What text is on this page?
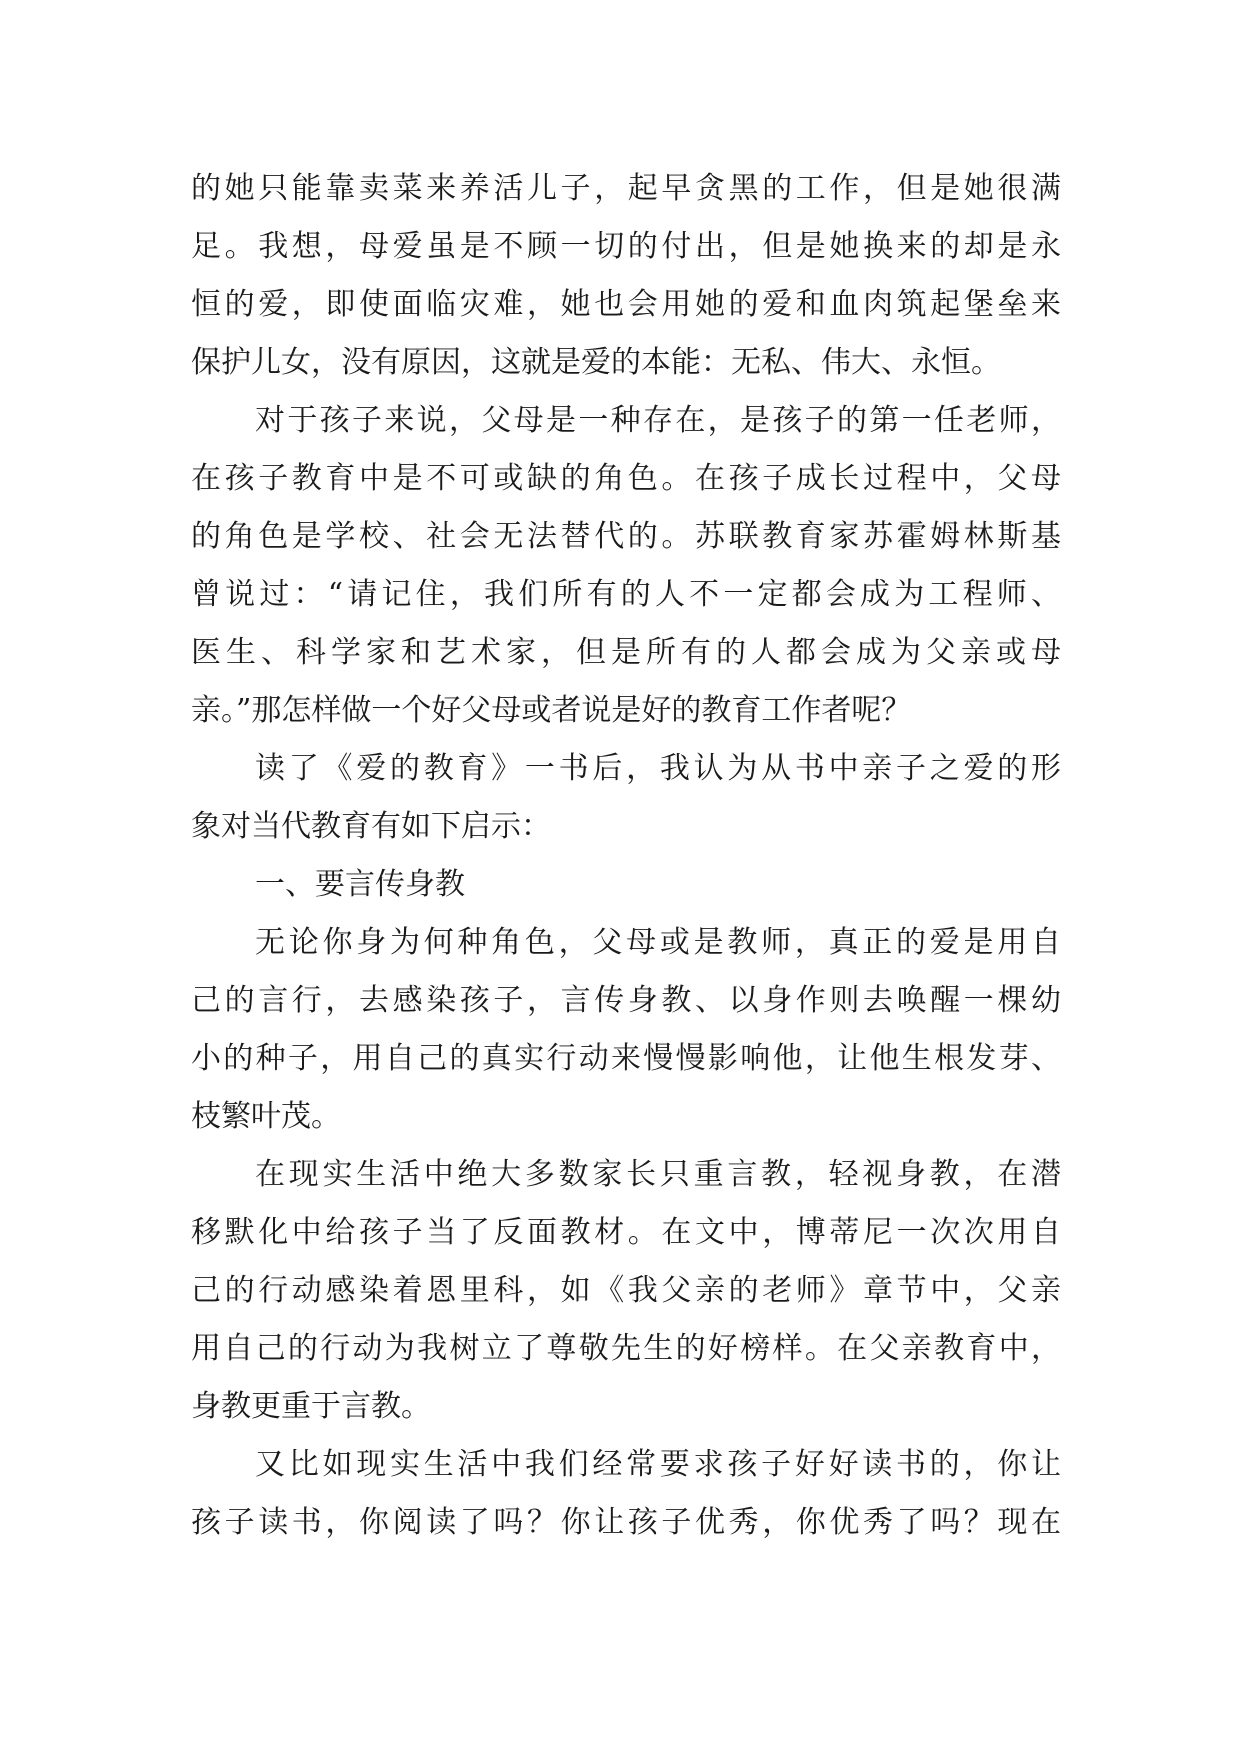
的她只能靠卖菜来养活儿子，起早贪黑的工作，但是她很满
足。我想，母爱虽是不顾一切的付出，但是她换来的却是永
恒的爱，即使面临灾难，她也会用她的爱和血肉筑起堡垒来
保护儿女，没有原因，这就是爱的本能：无私、伟大、永恒。
对于孩子来说，父母是一种存在，是孩子的第一任老师，
在孩子教育中是不可或缺的角色。在孩子成长过程中，父母
的角色是学校、社会无法替代的。苏联教育家苏霍姆林斯基
曾说过：“请记住，我们所有的人不一定都会成为工程师、
医生、科学家和艺术家，但是所有的人都会成为父亲或母
亲。”那怎样做一个好父母或者说是好的教育工作者呢？
读了《爱的教育》一书后，我认为从书中亲子之爱的形
象对当代教育有如下启示：
一、要言传身教
无论你身为何种角色，父母或是教师，真正的爱是用自
己的言行，去感染孩子，言传身教、以身作则去唤醒一棵幼
小的种子，用自己的真实行动来慢慢影响他，让他生根发芽、
枝繁叶茂。
在现实生活中绝大多数家长只重言教，轻视身教，在潜
移默化中给孩子当了反面教材。在文中，博蒂尼一次次用自
己的行动感染着恩里科，如《我父亲的老师》章节中，父亲
用自己的行动为我树立了尊敬先生的好榜样。在父亲教育中，
身教更重于言教。
又比如现实生活中我们经常要求孩子好好读书的，你让
孩子读书，你阅读了吗？你让孩子优秀，你优秀了吗？现在
